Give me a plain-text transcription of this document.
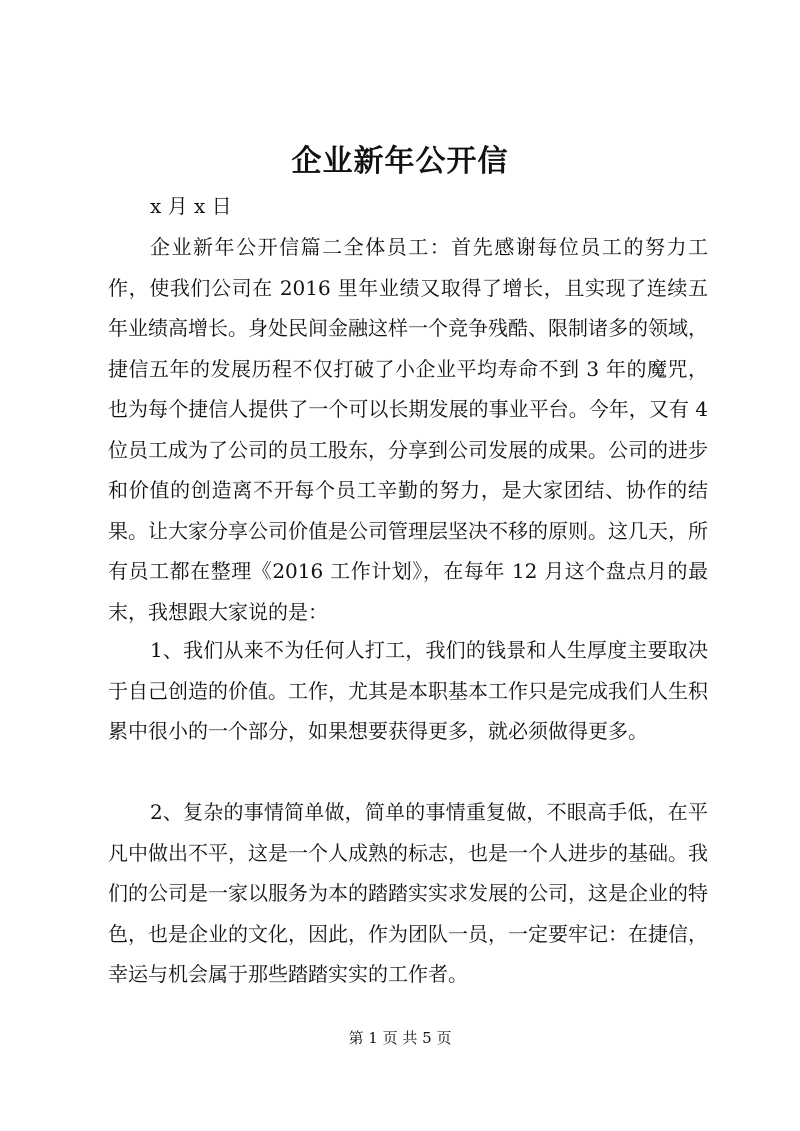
企业新年公开信

x 月 x 日

企业新年公开信篇二全体员工：首先感谢每位员工的努力工作，使我们公司在 2016 里年业绩又取得了增长，且实现了连续五年业绩高增长。身处民间金融这样一个竞争残酷、限制诸多的领域，捷信五年的发展历程不仅打破了小企业平均寿命不到 3 年的魔咒，也为每个捷信人提供了一个可以长期发展的事业平台。今年，又有 4 位员工成为了公司的员工股东，分享到公司发展的成果。公司的进步和价值的创造离不开每个员工辛勤的努力，是大家团结、协作的结果。让大家分享公司价值是公司管理层坚决不移的原则。这几天，所有员工都在整理《2016 工作计划》，在每年 12 月这个盘点月的最末，我想跟大家说的是：

1、我们从来不为任何人打工，我们的钱景和人生厚度主要取决于自己创造的价值。工作，尤其是本职基本工作只是完成我们人生积累中很小的一个部分，如果想要获得更多，就必须做得更多。

2、复杂的事情简单做，简单的事情重复做，不眼高手低，在平凡中做出不平，这是一个人成熟的标志，也是一个人进步的基础。我们的公司是一家以服务为本的踏踏实实求发展的公司，这是企业的特色，也是企业的文化，因此，作为团队一员，一定要牢记：在捷信，幸运与机会属于那些踏踏实实的工作者。

第 1 页 共 5 页
